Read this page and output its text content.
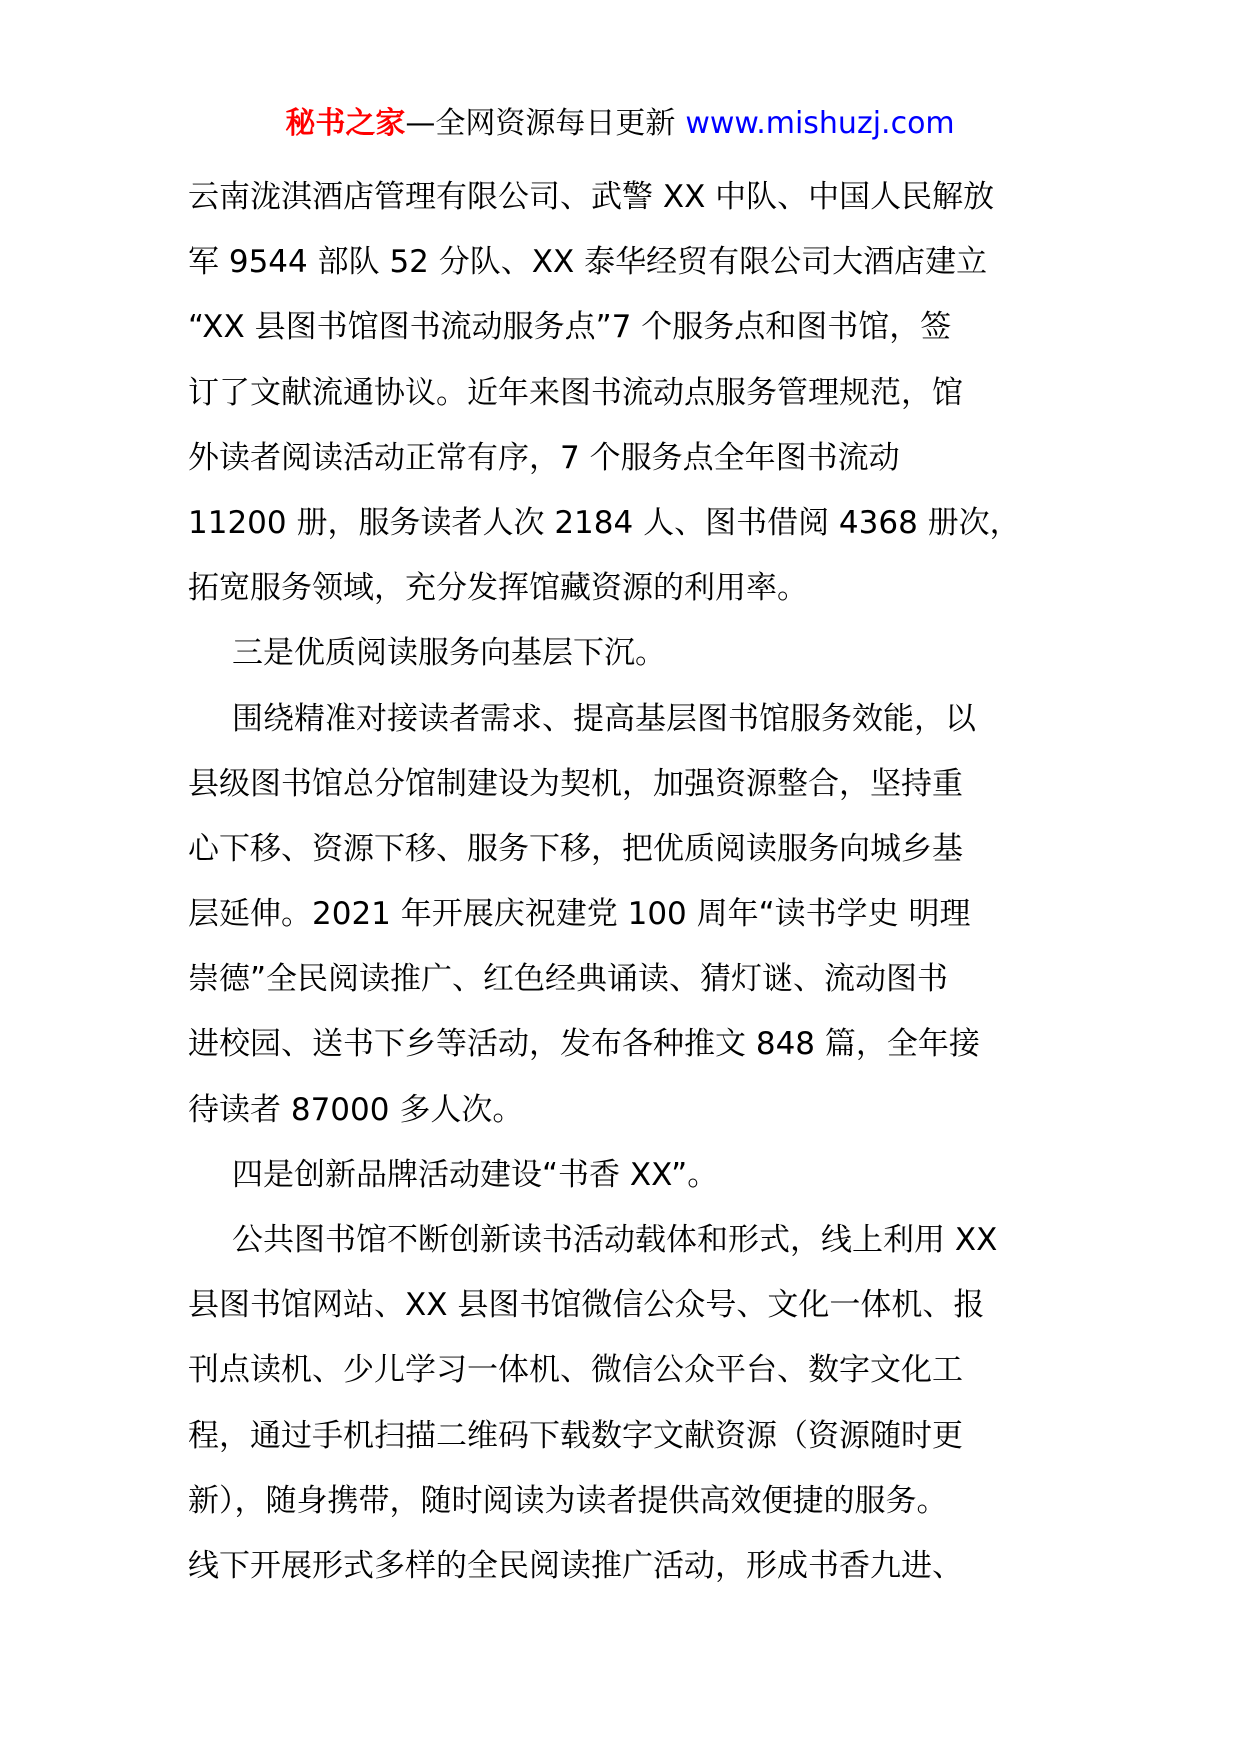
秘书之家—全网资源每日更新 www.mishuzj.com
云南泷淇酒店管理有限公司、武警 XX 中队、中国人民解放
军 9544 部队 52 分队、XX 泰华经贸有限公司大酒店建立
“XX 县图书馆图书流动服务点”7 个服务点和图书馆，签
订了文献流通协议。近年来图书流动点服务管理规范，馆
外读者阅读活动正常有序，7 个服务点全年图书流动
11200 册，服务读者人次 2184 人、图书借阅 4368 册次，
拓宽服务领域，充分发挥馆藏资源的利用率。
三是优质阅读服务向基层下沉。
围绕精准对接读者需求、提高基层图书馆服务效能，以
县级图书馆总分馆制建设为契机，加强资源整合，坚持重
心下移、资源下移、服务下移，把优质阅读服务向城乡基
层延伸。2021 年开展庆祝建党 100 周年“读书学史 明理
崇德”全民阅读推广、红色经典诵读、猜灯谜、流动图书
进校园、送书下乡等活动，发布各种推文 848 篇，全年接
待读者 87000 多人次。
四是创新品牌活动建设“书香 XX”。
公共图书馆不断创新读书活动载体和形式，线上利用 XX
县图书馆网站、XX 县图书馆微信公众号、文化一体机、报
刊点读机、少儿学习一体机、微信公众平台、数字文化工
程，通过手机扫描二维码下载数字文献资源（资源随时更
新），随身携带，随时阅读为读者提供高效便捷的服务。
线下开展形式多样的全民阅读推广活动，形成书香九进、
